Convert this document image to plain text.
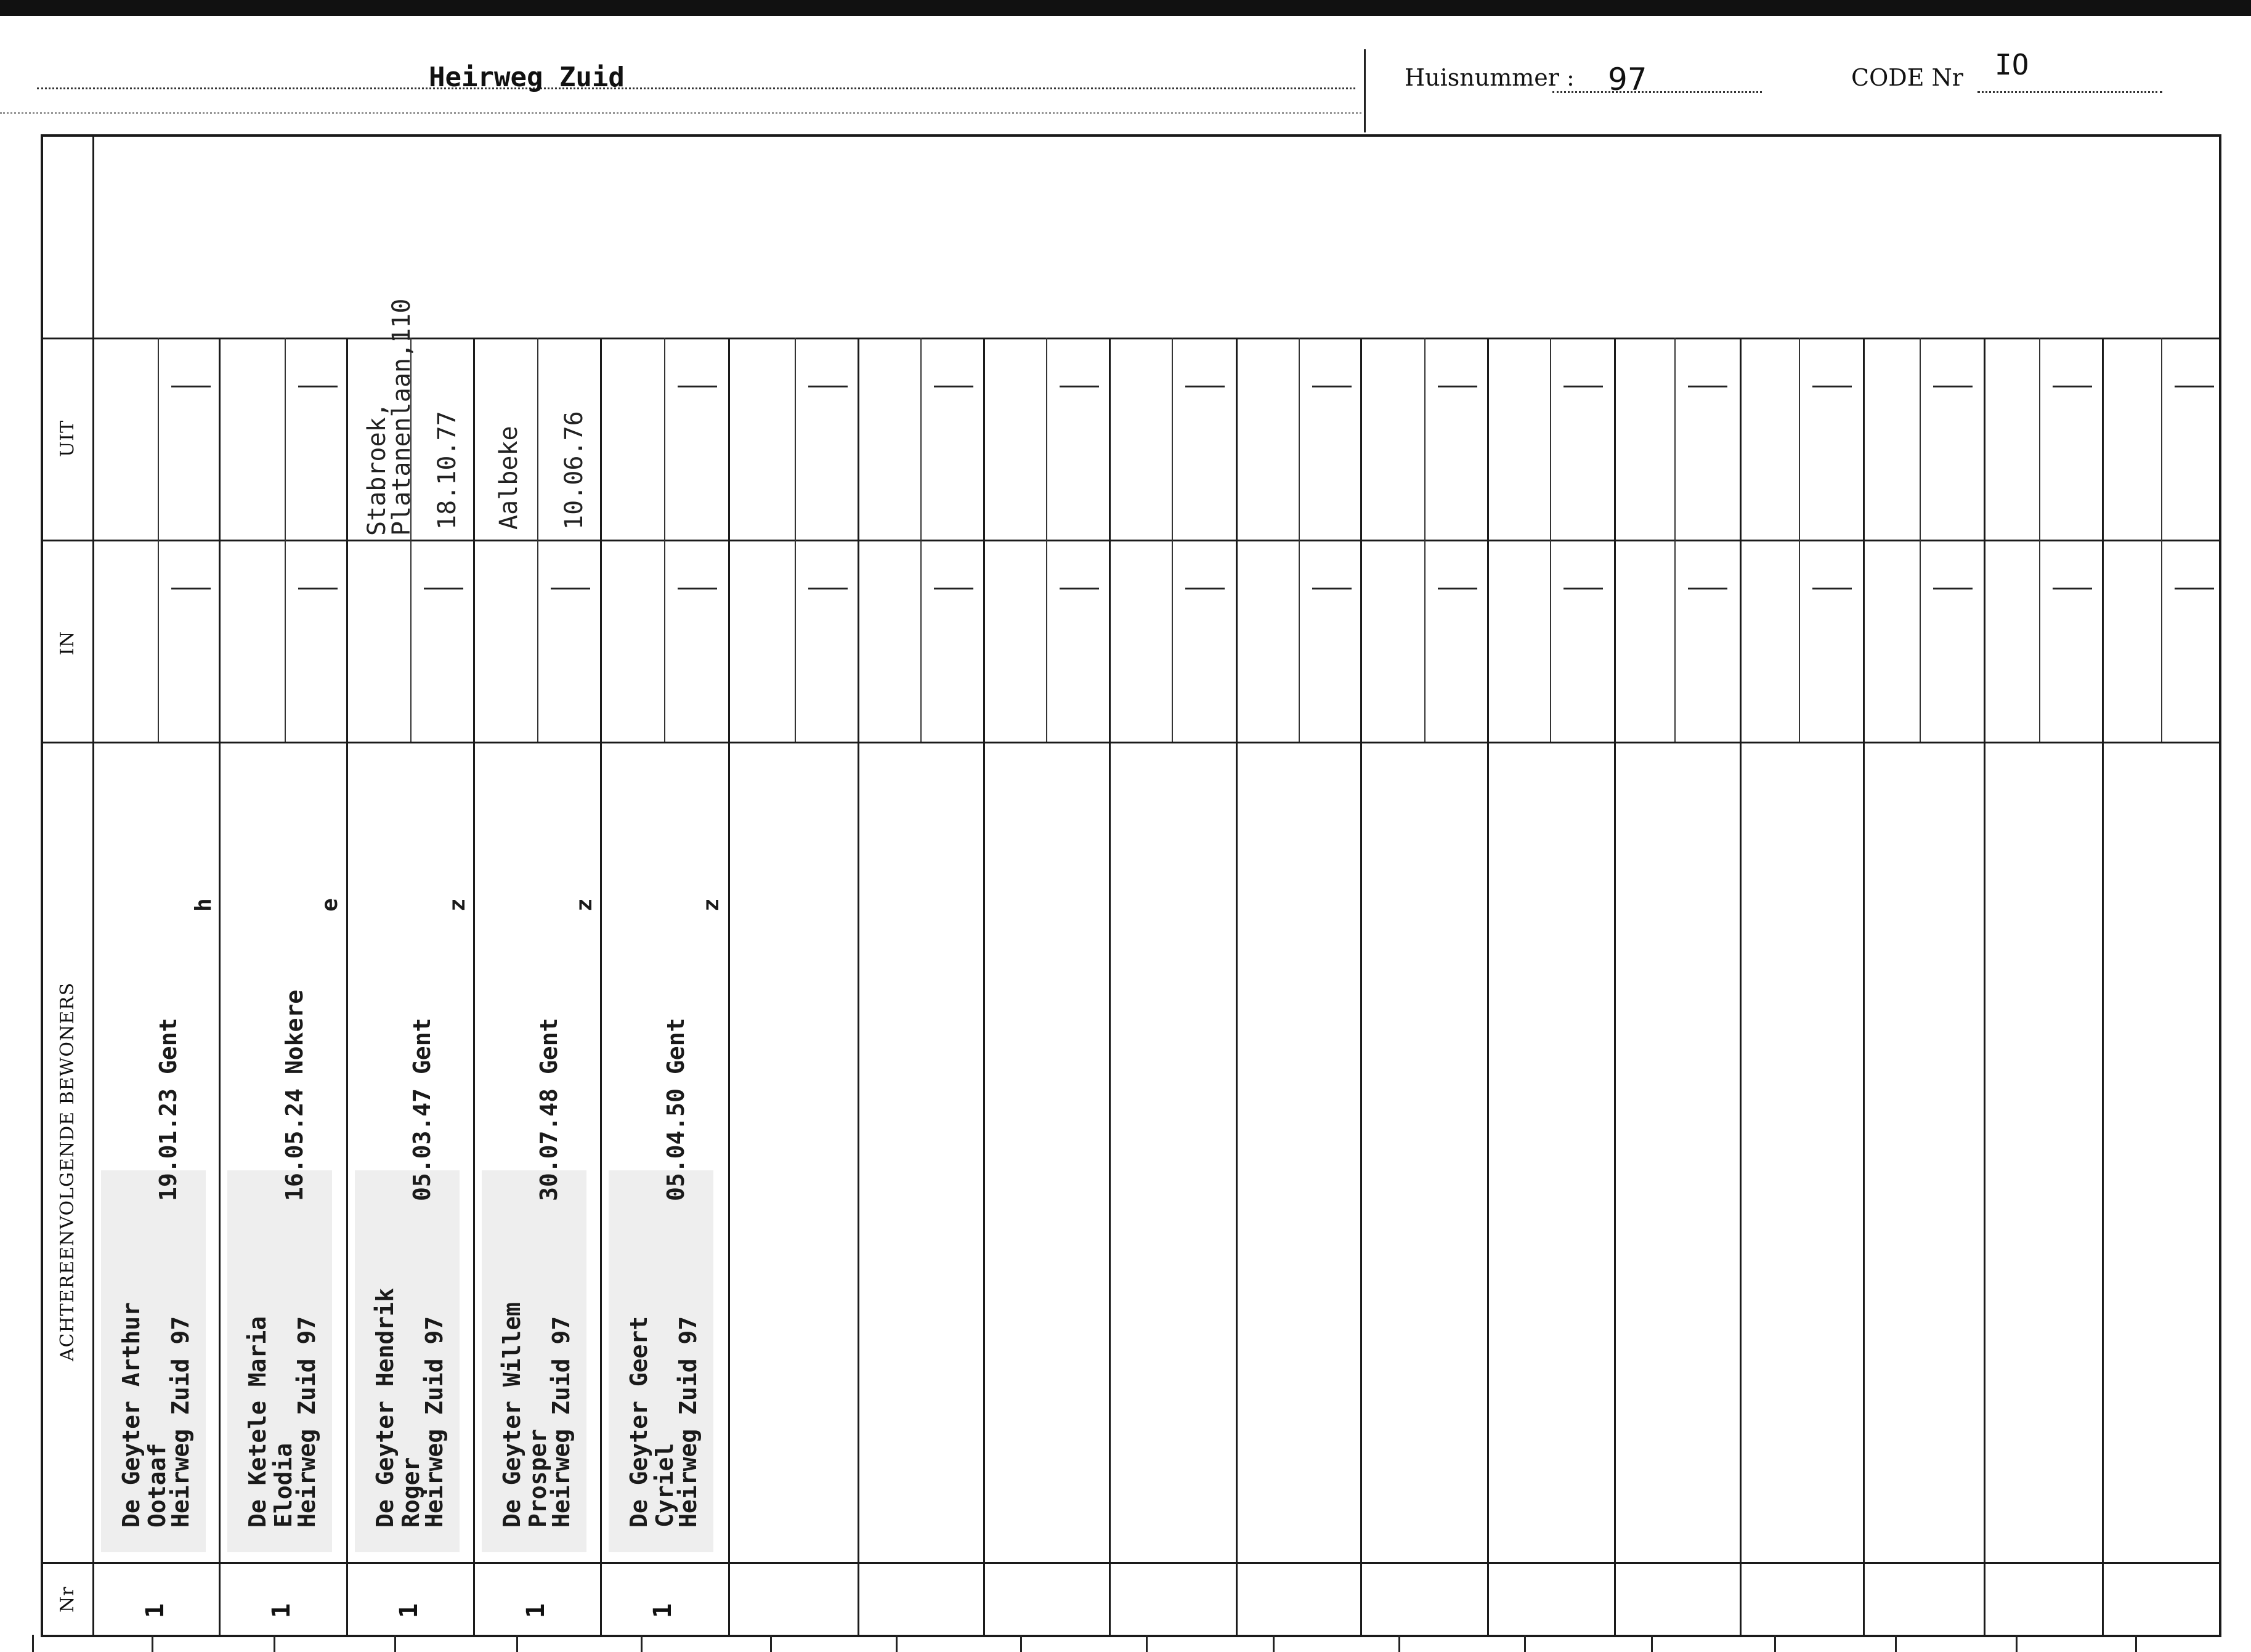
Heirweg Zuid	Huisnummer : 97	CODE Nr IO
UIT
IN
ACHTEREENVOLGENDE BEWONERS
Nr
De Geyter Arthur
Ootaaf
Heirweg Zuid 97
19.01.23 Gent
h
1
De Ketele Maria
Elodia
Heirweg Zuid 97
16.05.24 Nokere
e
1
De Geyter Hendrik
Roger
Heirweg Zuid 97
05.03.47 Gent
z
1
Stabroek, Platanenlaan,110 18.10.77
De Geyter Willem
Prosper
Heirweg Zuid 97
30.07.48 Gent
z
1
Aalbeke 10.06.76
De Geyter Geert
Cyriel
Heirweg Zuid 97
05.04.50 Gent
z
1
